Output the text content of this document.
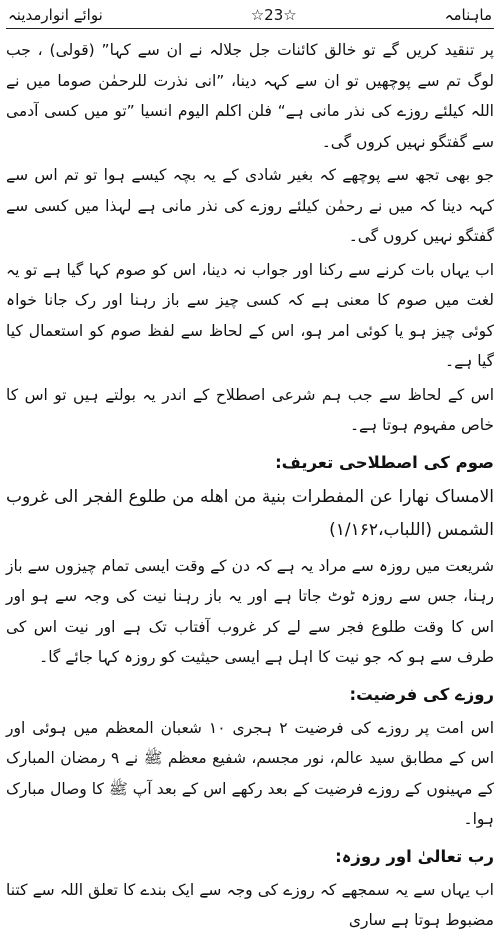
ماہنامہ
☆23☆
نوائے انوارمدینہ

پر تنقید کریں گے تو خالق کائنات جل جلالہ نے ان سے کہا” (قولی) ، جب لوگ تم سے پوچھیں تو ان سے کہہ دینا، ”انی نذرت للرحمٰن صوما میں نے اللہ کیلئے روزے کی نذر مانی ہے“ فلن اکلم الیوم انسیا ”تو میں کسی آدمی سے گفتگو نہیں کروں گی۔

جو بھی تجھ سے پوچھے کہ بغیر شادی کے یہ بچہ کیسے ہوا تو تم اس سے کہہ دینا کہ میں نے رحمٰن کیلئے روزے کی نذر مانی ہے لہذا میں کسی سے گفتگو نہیں کروں گی۔

اب یہاں بات کرنے سے رکنا اور جواب نہ دینا، اس کو صوم کہا گیا ہے تو یہ لغت میں صوم کا معنی ہے کہ کسی چیز سے باز رہنا اور رک جانا خواہ کوئی چیز ہو یا کوئی امر ہو، اس کے لحاظ سے لفظ صوم کو استعمال کیا گیا ہے۔

اس کے لحاظ سے جب ہم شرعی اصطلاح کے اندر یہ بولتے ہیں تو اس کا خاص مفہوم ہوتا ہے۔

صوم کی اصطلاحی تعریف:

الامساک نهارا عن المفطرات بنية من اهله من طلوع الفجر الى غروب الشمس (اللباب،۱/۱۶۲)

شریعت میں روزہ سے مراد یہ ہے کہ دن کے وقت ایسی تمام چیزوں سے باز رہنا، جس سے روزہ ٹوٹ جاتا ہے اور یہ باز رہنا نیت کی وجہ سے ہو اور اس کا وقت طلوع فجر سے لے کر غروب آفتاب تک ہے اور نیت اس کی طرف سے ہو کہ جو نیت کا اہل ہے ایسی حیثیت کو روزہ کہا جائے گا۔

روزے کی فرضیت:

اس امت پر روزے کی فرضیت ۲ ہجری ۱۰ شعبان المعظم میں ہوئی اور اس کے مطابق سید عالم، نور مجسم، شفیع معظم ﷺ نے ۹ رمضان المبارک کے مہینوں کے روزے فرضیت کے بعد رکھے اس کے بعد آپ ﷺ کا وصال مبارک ہوا۔

رب تعالیٰ اور روزہ:

اب یہاں سے یہ سمجھے کہ روزے کی وجہ سے ایک بندے کا تعلق اللہ سے کتنا مضبوط ہوتا ہے ساری
